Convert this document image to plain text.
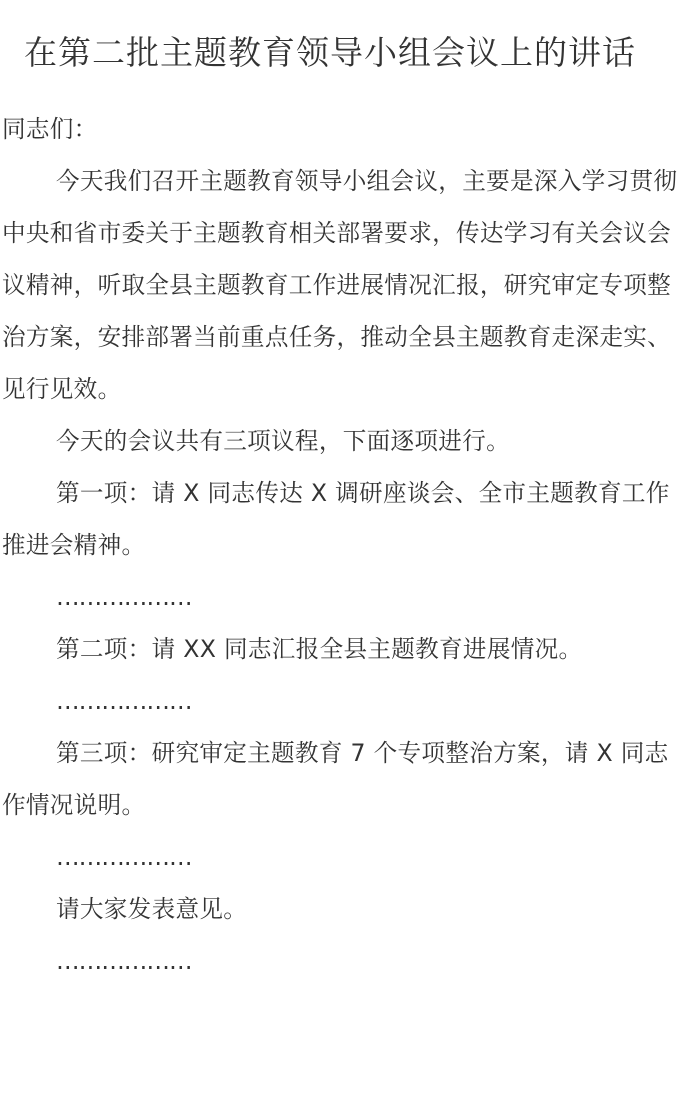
在第二批主题教育领导小组会议上的讲话

同志们：

今天我们召开主题教育领导小组会议，主要是深入学习贯彻中央和省市委关于主题教育相关部署要求，传达学习有关会议会议精神，听取全县主题教育工作进展情况汇报，研究审定专项整治方案，安排部署当前重点任务，推动全县主题教育走深走实、见行见效。

今天的会议共有三项议程，下面逐项进行。

第一项：请 X 同志传达 X 调研座谈会、全市主题教育工作推进会精神。

………………

第二项：请 XX 同志汇报全县主题教育进展情况。

………………

第三项：研究审定主题教育 7 个专项整治方案，请 X 同志作情况说明。

………………

请大家发表意见。

………………
